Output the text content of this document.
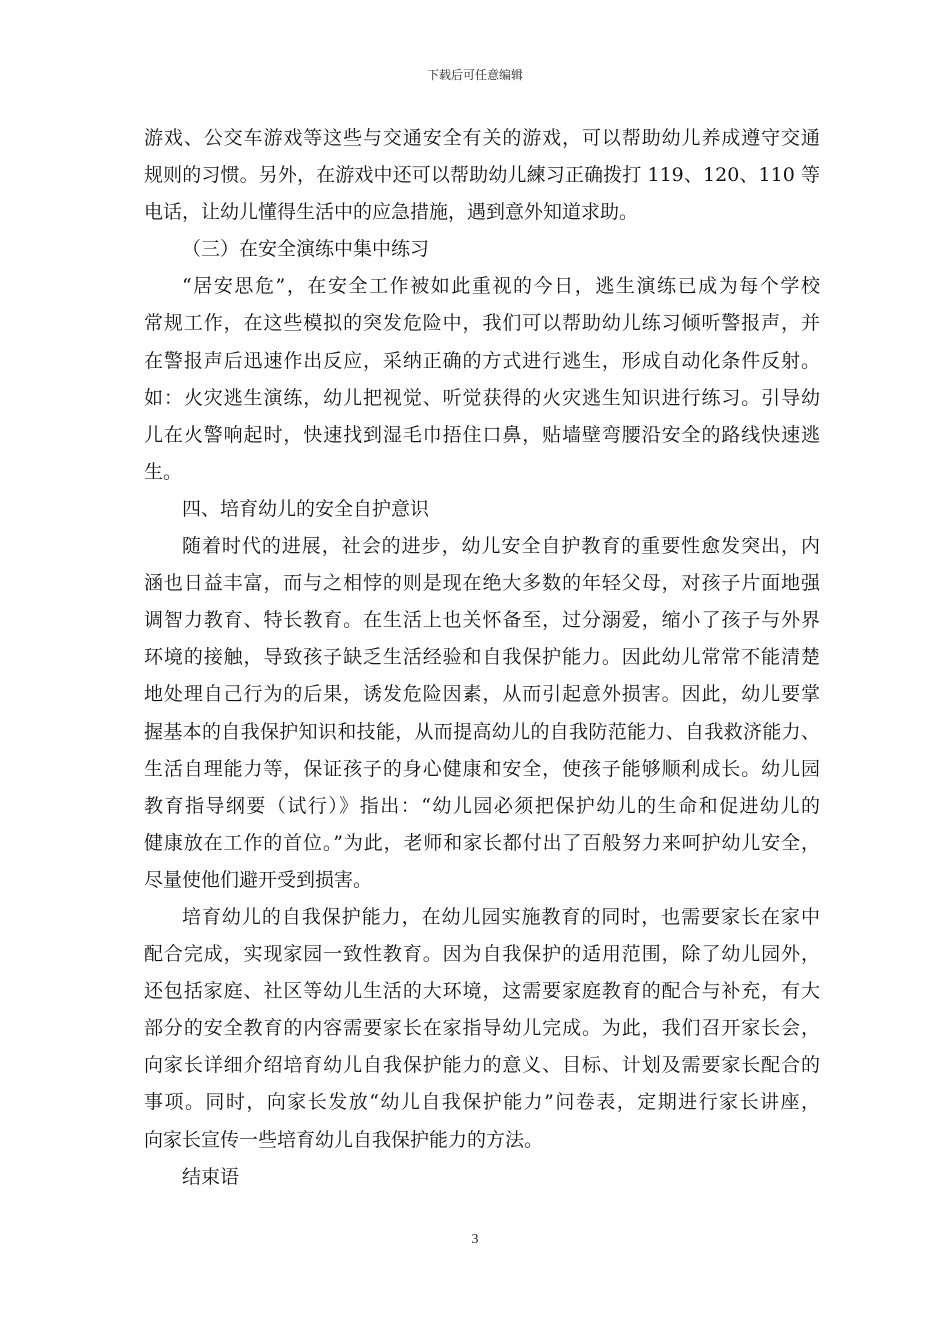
下载后可任意编辑
游戏、公交车游戏等这些与交通安全有关的游戏，可以帮助幼儿养成遵守交通
规则的习惯。另外，在游戏中还可以帮助幼儿練习正确拨打 119、120、110 等
电话，让幼儿懂得生活中的应急措施，遇到意外知道求助。
（三）在安全演练中集中练习
“居安思危”，在安全工作被如此重视的今日，逃生演练已成为每个学校
常规工作，在这些模拟的突发危险中，我们可以帮助幼儿练习倾听警报声，并
在警报声后迅速作出反应，采纳正确的方式进行逃生，形成自动化条件反射。
如：火灾逃生演练，幼儿把视觉、听觉获得的火灾逃生知识进行练习。引导幼
儿在火警响起时，快速找到湿毛巾捂住口鼻，贴墙壁弯腰沿安全的路线快速逃
生。
四、培育幼儿的安全自护意识
随着时代的进展，社会的进步，幼儿安全自护教育的重要性愈发突出，内
涵也日益丰富，而与之相悖的则是现在绝大多数的年轻父母，对孩子片面地强
调智力教育、特长教育。在生活上也关怀备至，过分溺爱，缩小了孩子与外界
环境的接触，导致孩子缺乏生活经验和自我保护能力。因此幼儿常常不能清楚
地处理自己行为的后果，诱发危险因素，从而引起意外损害。因此，幼儿要掌
握基本的自我保护知识和技能，从而提高幼儿的自我防范能力、自我救济能力、
生活自理能力等，保证孩子的身心健康和安全，使孩子能够顺利成长。幼儿园
教育指导纲要（试行）》指出：“幼儿园必须把保护幼儿的生命和促进幼儿的
健康放在工作的首位。”为此，老师和家长都付出了百般努力来呵护幼儿安全，
尽量使他们避开受到损害。
培育幼儿的自我保护能力，在幼儿园实施教育的同时，也需要家长在家中
配合完成，实现家园一致性教育。因为自我保护的适用范围，除了幼儿园外，
还包括家庭、社区等幼儿生活的大环境，这需要家庭教育的配合与补充，有大
部分的安全教育的内容需要家长在家指导幼儿完成。为此，我们召开家长会，
向家长详细介绍培育幼儿自我保护能力的意义、目标、计划及需要家长配合的
事项。同时，向家长发放“幼儿自我保护能力”问卷表，定期进行家长讲座，
向家长宣传一些培育幼儿自我保护能力的方法。
结束语
3
